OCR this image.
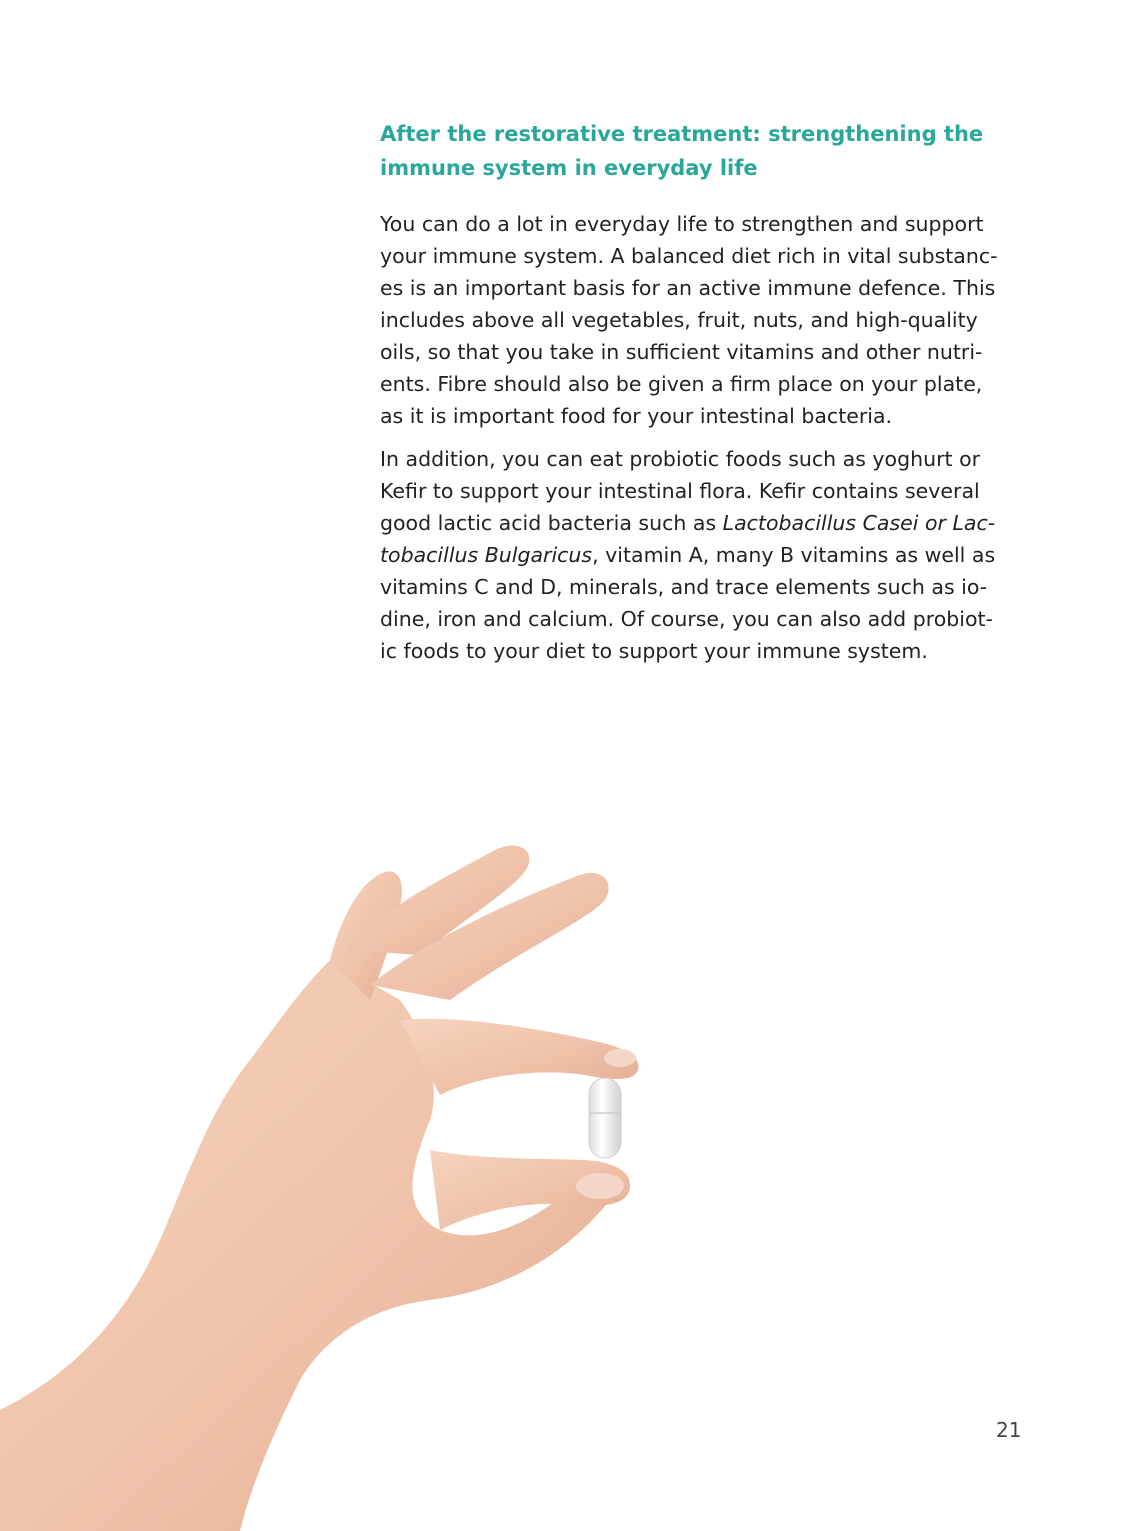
After the restorative treatment: strengthening the
immune system in everyday life

You can do a lot in everyday life to strengthen and support
your immune system. A balanced diet rich in vital substanc-
es is an important basis for an active immune defence. This
includes above all vegetables, fruit, nuts, and high-quality
oils, so that you take in sufficient vitamins and other nutri-
ents. Fibre should also be given a firm place on your plate,
as it is important food for your intestinal bacteria.

In addition, you can eat probiotic foods such as yoghurt or
Kefir to support your intestinal flora. Kefir contains several
good lactic acid bacteria such as Lactobacillus Casei or Lac-
tobacillus Bulgaricus, vitamin A, many B vitamins as well as
vitamins C and D, minerals, and trace elements such as io-
dine, iron and calcium. Of course, you can also add probiot-
ic foods to your diet to support your immune system.

21
